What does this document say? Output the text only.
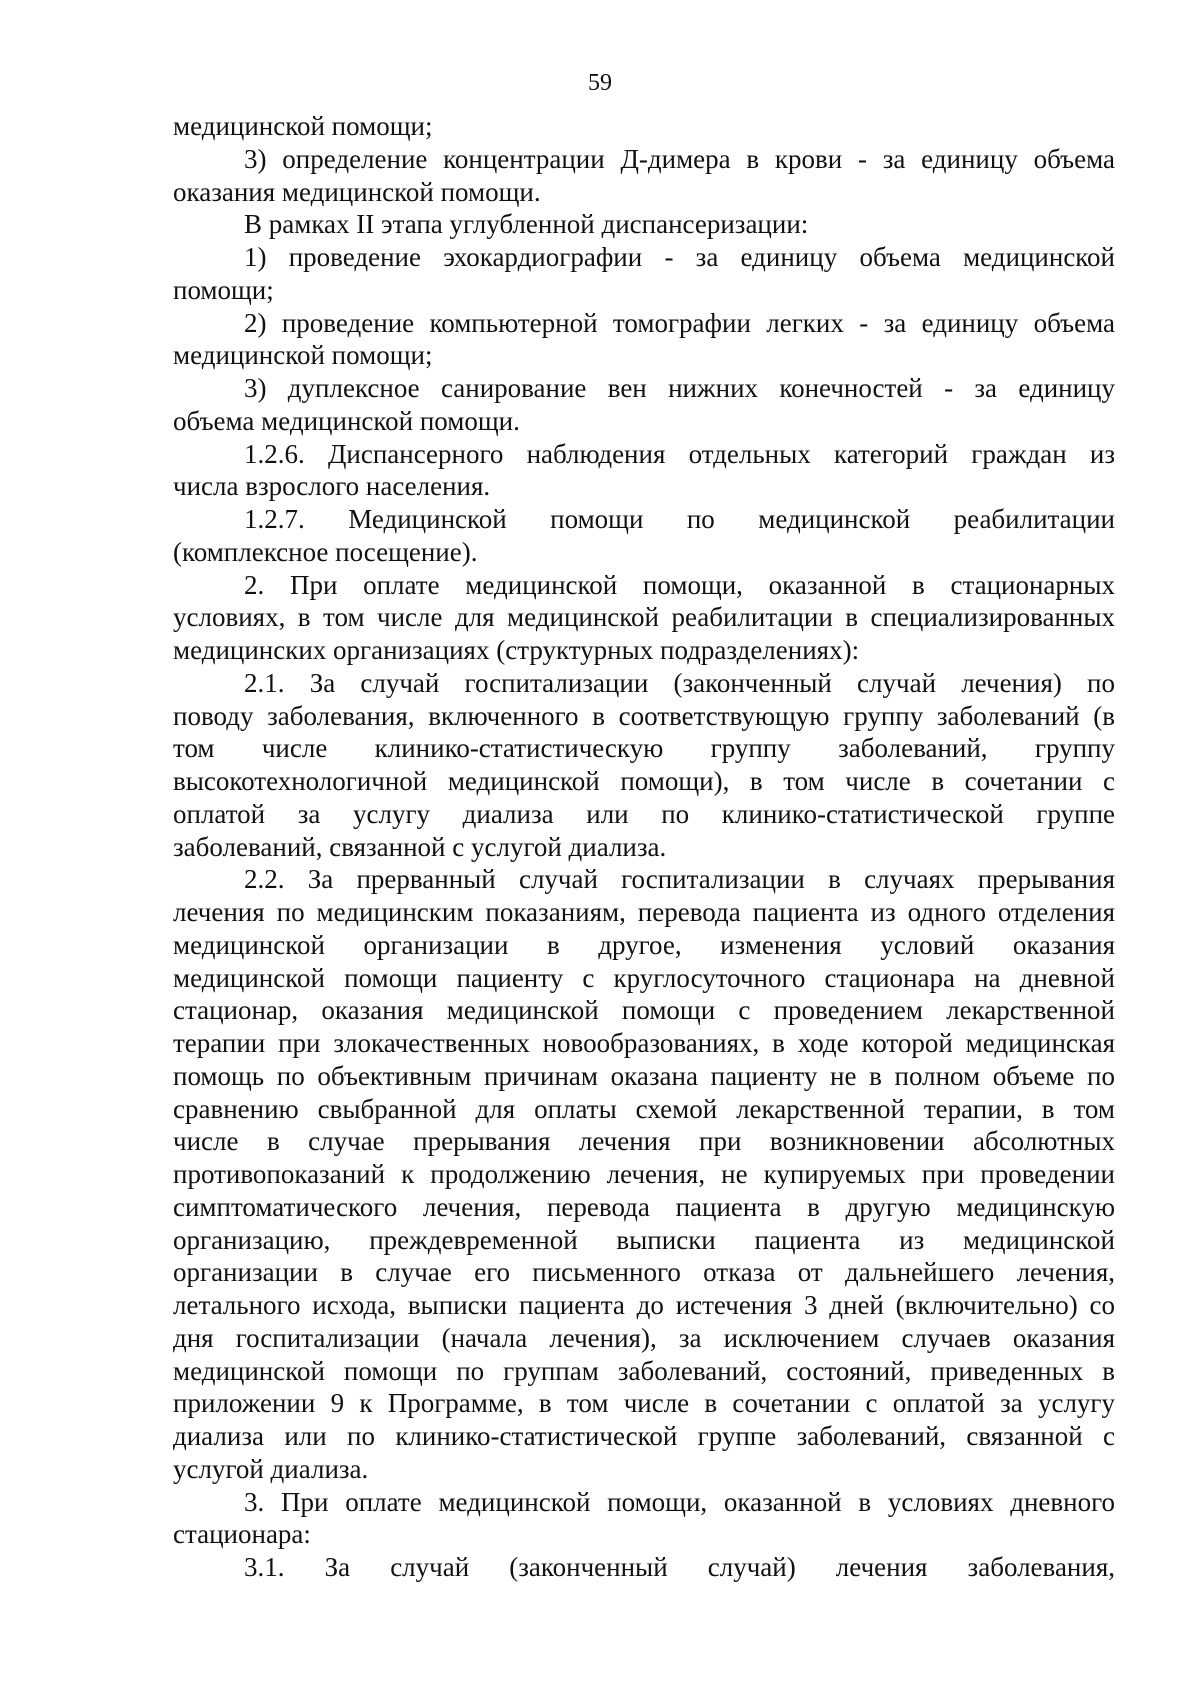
59
медицинской помощи;
3) определение концентрации Д-димера в крови - за единицу объема
оказания медицинской помощи.
В рамках II этапа углубленной диспансеризации:
1) проведение эхокардиографии - за единицу объема медицинской
помощи;
2) проведение компьютерной томографии легких - за единицу объема
медицинской помощи;
3) дуплексное санирование вен нижних конечностей - за единицу
объема медицинской помощи.
1.2.6. Диспансерного наблюдения отдельных категорий граждан из
числа взрослого населения.
1.2.7. Медицинской помощи по медицинской реабилитации
(комплексное посещение).
2. При оплате медицинской помощи, оказанной в стационарных
условиях, в том числе для медицинской реабилитации в специализированных
медицинских организациях (структурных подразделениях):
2.1. За случай госпитализации (законченный случай лечения) по
поводу заболевания, включенного в соответствующую группу заболеваний (в
том числе клинико-статистическую группу заболеваний, группу
высокотехнологичной медицинской помощи), в том числе в сочетании с
оплатой за услугу диализа или по клинико-статистической группе
заболеваний, связанной с услугой диализа.
2.2. За прерванный случай госпитализации в случаях прерывания
лечения по медицинским показаниям, перевода пациента из одного отделения
медицинской организации в другое, изменения условий оказания
медицинской помощи пациенту с круглосуточного стационара на дневной
стационар, оказания медицинской помощи с проведением лекарственной
терапии при злокачественных новообразованиях, в ходе которой медицинская
помощь по объективным причинам оказана пациенту не в полном объеме по
сравнению свыбранной для оплаты схемой лекарственной терапии, в том
числе в случае прерывания лечения при возникновении абсолютных
противопоказаний к продолжению лечения, не купируемых при проведении
симптоматического лечения, перевода пациента в другую медицинскую
организацию, преждевременной выписки пациента из медицинской
организации в случае его письменного отказа от дальнейшего лечения,
летального исхода, выписки пациента до истечения 3 дней (включительно) со
дня госпитализации (начала лечения), за исключением случаев оказания
медицинской помощи по группам заболеваний, состояний, приведенных в
приложении 9 к Программе, в том числе в сочетании с оплатой за услугу
диализа или по клинико-статистической группе заболеваний, связанной с
услугой диализа.
3. При оплате медицинской помощи, оказанной в условиях дневного
стационара:
3.1. За случай (законченный случай) лечения заболевания,
